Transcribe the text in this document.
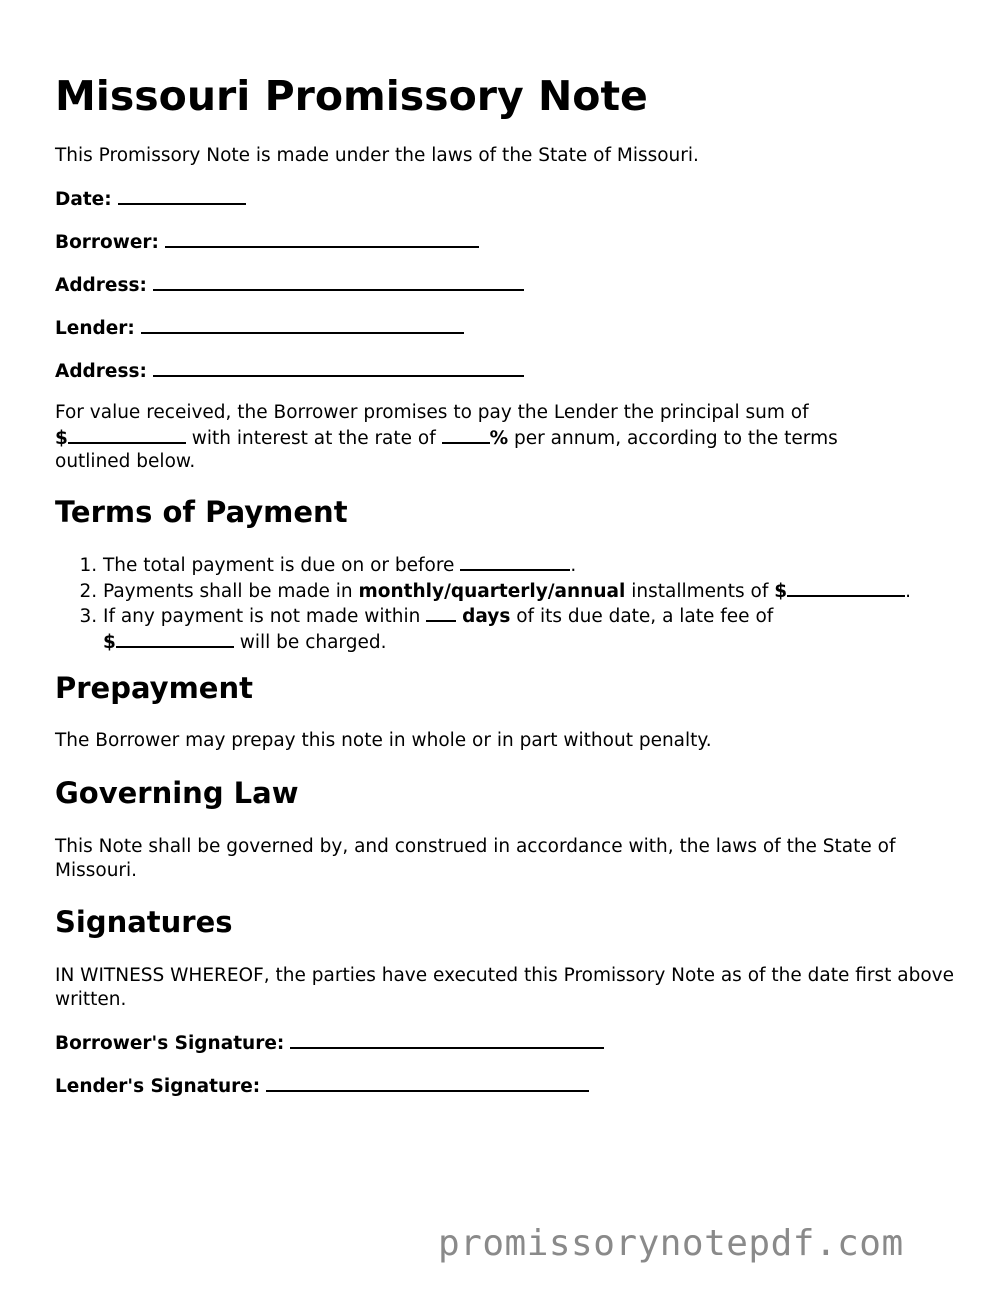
Missouri Promissory Note

This Promissory Note is made under the laws of the State of Missouri.

Date:
Borrower:
Address:
Lender:
Address:

For value received, the Borrower promises to pay the Lender the principal sum of
$	with interest at the rate of	% per annum, according to the terms outlined below.

Terms of Payment
1. The total payment is due on or before	.
2. Payments shall be made in monthly/quarterly/annual installments of $	.
3. If any payment is not made within  days of its due date, a late fee of
$	will be charged.
Prepayment

The Borrower may prepay this note in whole or in part without penalty.

Governing Law

This Note shall be governed by, and construed in accordance with, the laws of the State of Missouri.

Signatures

IN WITNESS WHEREOF, the parties have executed this Promissory Note as of the date first above written.

Borrower's Signature:
Lender's Signature:
promissorynotepdf.com
